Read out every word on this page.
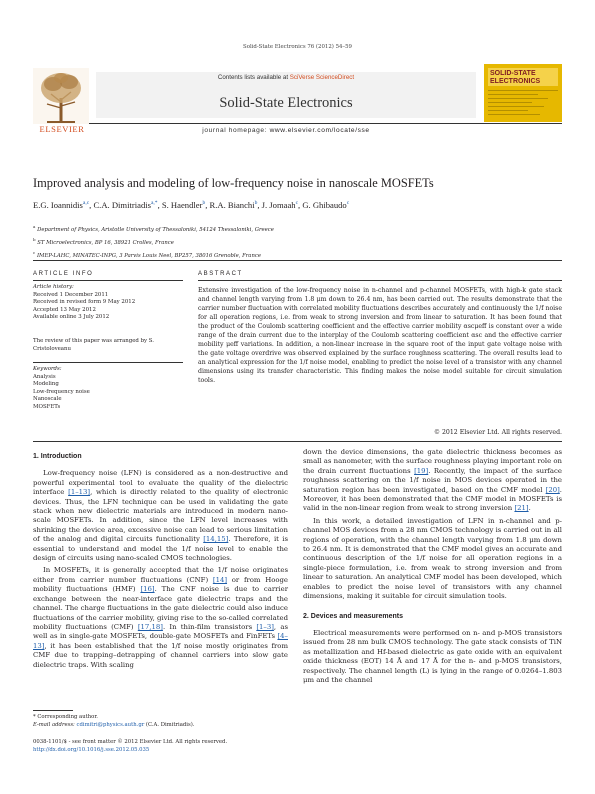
Solid-State Electronics 76 (2012) 54–59
Contents lists available at SciVerse ScienceDirect
Solid-State Electronics
journal homepage: www.elsevier.com/locate/sse
ELSEVIER
SOLID-STATE
ELECTRONICS
Improved analysis and modeling of low-frequency noise in nanoscale MOSFETs
E.G. Ioannidis$^{a,c}$, C.A. Dimitriadis$^{a,*}$, S. Haendler$^b$, R.A. Bianchi$^b$, J. Jomaah$^c$, G. Ghibaudo$^c$
$^a$ Department of Physics, Aristotle University of Thessaloniki, 54124 Thessaloniki, Greece
$^b$ ST Microelectronics, BP 16, 38921 Crolles, France
$^c$ IMEP-LAHC, MINATEC-INPG, 3 Parvis Louis Neel, BP257, 38016 Grenoble, France
ARTICLE INFO
Article history:
Received 1 December 2011
Received in revised form 9 May 2012
Accepted 13 May 2012
Available online 3 July 2012
The review of this paper was arranged by S. Cristoloveanu
Keywords:
Analysis
Modeling
Low-frequency noise
Nanoscale
MOSFETs
ABSTRACT
Extensive investigation of the low-frequency noise in n-channel and p-channel MOSFETs, with high-k gate stack and channel length varying from 1.8 μm down to 26.4 nm, has been carried out. The results demonstrate that the carrier number fluctuation with correlated mobility fluctuations describes accurately and continuously the 1/f noise for all operation regions, i.e. from weak to strong inversion and from linear to saturation. It has been found that the product of the Coulomb scattering coefficient and the effective carrier mobility αscμeff is constant over a wide range of the drain current due to the interplay of the Coulomb scattering coefficient αsc and the effective carrier mobility μeff variations. In addition, a non-linear increase in the square root of the input gate voltage noise with the gate voltage overdrive was observed explained by the surface roughness scattering. The overall results lead to an analytical expression for the 1/f noise model, enabling to predict the noise level of a transistor with any channel dimensions using its transfer characteristic. This finding makes the noise model suitable for circuit simulation tools.
© 2012 Elsevier Ltd. All rights reserved.
1. Introduction

Low-frequency noise (LFN) is considered as a non-destructive and powerful experimental tool to evaluate the quality of the dielectric interface [1–13], which is directly related to the quality of electronic devices. Thus, the LFN technique can be used in validating the gate stack when new dielectric materials are introduced in modern nano-scale MOSFETs. In addition, since the LFN level increases with shrinking the device area, excessive noise can lead to serious limitation of the analog and digital circuits functionality [14,15]. Therefore, it is essential to understand and model the 1/f noise level to enable the design of circuits using nano-scaled CMOS technologies.

In MOSFETs, it is generally accepted that the 1/f noise originates either from carrier number fluctuations (CNF) [14] or from Hooge mobility fluctuations (HMF) [16]. The CNF noise is due to carrier exchange between the near-interface gate dielectric traps and the channel. The charge fluctuations in the gate dielectric could also induce fluctuations of the carrier mobility, giving rise to the so-called correlated mobility fluctuations (CMF) [17,18]. In thin-film transistors [1–3], as well as in single-gate MOSFETs, double-gate MOSFETs and FinFETs [4–13], it has been established that the 1/f noise mostly originates from CMF due to trapping–detrapping of channel carriers into slow gate dielectric traps. With scaling

down the device dimensions, the gate dielectric thickness becomes as small as nanometer, with the surface roughness playing important role on the drain current fluctuations [19]. Recently, the impact of the surface roughness scattering on the 1/f noise in MOS devices operated in the saturation region has been investigated, based on the CMF model [20]. Moreover, it has been demonstrated that the CMF model in MOSFETs is valid in the non-linear region from weak to strong inversion [21].

In this work, a detailed investigation of LFN in n-channel and p-channel MOS devices from a 28 nm CMOS technology is carried out in all regions of operation, with the channel length varying from 1.8 μm down to 26.4 nm. It is demonstrated that the CMF model gives an accurate and continuous description of the 1/f noise for all operation regions in a single-piece formulation, i.e. from weak to strong inversion and from linear to saturation. An analytical CMF model has been developed, which enables to predict the noise level of transistors with any channel dimensions, making it suitable for circuit simulation tools.

2. Devices and measurements

Electrical measurements were performed on n- and p-MOS transistors issued from 28 nm bulk CMOS technology. The gate stack consists of TiN as metallization and Hf-based dielectric as gate oxide with an equivalent oxide thickness (EOT) 14 Å and 17 Å for the n- and p-MOS transistors, respectively. The channel length (L) is lying in the range of 0.0264–1.803 μm and the channel

* Corresponding author.
E-mail address: cdimitri@physics.auth.gr (C.A. Dimitriadis).
0038-1101/$ - see front matter © 2012 Elsevier Ltd. All rights reserved.
http://dx.doi.org/10.1016/j.sse.2012.05.035
